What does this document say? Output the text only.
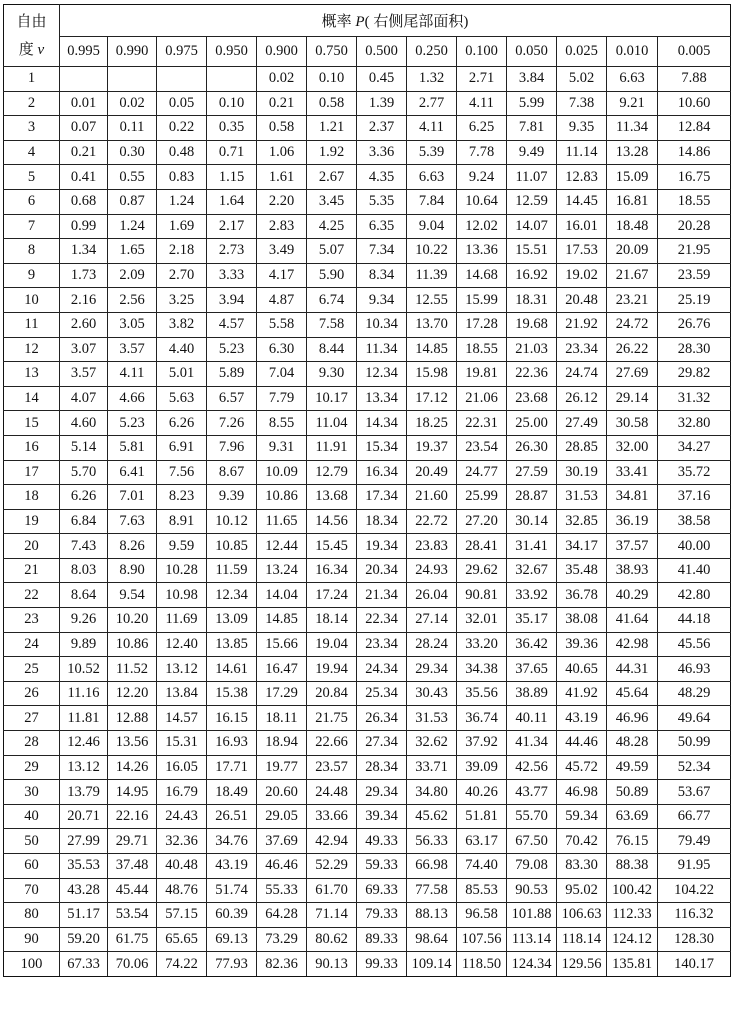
自由
度 v	概率 P( 右侧尾部面积)												
	0.995	0.990	0.975	0.950	0.900	0.750	0.500	0.250	0.100	0.050	0.025	0.010	0.005
1					0.02	0.10	0.45	1.32	2.71	3.84	5.02	6.63	7.88
2	0.01	0.02	0.05	0.10	0.21	0.58	1.39	2.77	4.11	5.99	7.38	9.21	10.60
3	0.07	0.11	0.22	0.35	0.58	1.21	2.37	4.11	6.25	7.81	9.35	11.34	12.84
4	0.21	0.30	0.48	0.71	1.06	1.92	3.36	5.39	7.78	9.49	11.14	13.28	14.86
5	0.41	0.55	0.83	1.15	1.61	2.67	4.35	6.63	9.24	11.07	12.83	15.09	16.75
6	0.68	0.87	1.24	1.64	2.20	3.45	5.35	7.84	10.64	12.59	14.45	16.81	18.55
7	0.99	1.24	1.69	2.17	2.83	4.25	6.35	9.04	12.02	14.07	16.01	18.48	20.28
8	1.34	1.65	2.18	2.73	3.49	5.07	7.34	10.22	13.36	15.51	17.53	20.09	21.95
9	1.73	2.09	2.70	3.33	4.17	5.90	8.34	11.39	14.68	16.92	19.02	21.67	23.59
10	2.16	2.56	3.25	3.94	4.87	6.74	9.34	12.55	15.99	18.31	20.48	23.21	25.19
11	2.60	3.05	3.82	4.57	5.58	7.58	10.34	13.70	17.28	19.68	21.92	24.72	26.76
12	3.07	3.57	4.40	5.23	6.30	8.44	11.34	14.85	18.55	21.03	23.34	26.22	28.30
13	3.57	4.11	5.01	5.89	7.04	9.30	12.34	15.98	19.81	22.36	24.74	27.69	29.82
14	4.07	4.66	5.63	6.57	7.79	10.17	13.34	17.12	21.06	23.68	26.12	29.14	31.32
15	4.60	5.23	6.26	7.26	8.55	11.04	14.34	18.25	22.31	25.00	27.49	30.58	32.80
16	5.14	5.81	6.91	7.96	9.31	11.91	15.34	19.37	23.54	26.30	28.85	32.00	34.27
17	5.70	6.41	7.56	8.67	10.09	12.79	16.34	20.49	24.77	27.59	30.19	33.41	35.72
18	6.26	7.01	8.23	9.39	10.86	13.68	17.34	21.60	25.99	28.87	31.53	34.81	37.16
19	6.84	7.63	8.91	10.12	11.65	14.56	18.34	22.72	27.20	30.14	32.85	36.19	38.58
20	7.43	8.26	9.59	10.85	12.44	15.45	19.34	23.83	28.41	31.41	34.17	37.57	40.00
21	8.03	8.90	10.28	11.59	13.24	16.34	20.34	24.93	29.62	32.67	35.48	38.93	41.40
22	8.64	9.54	10.98	12.34	14.04	17.24	21.34	26.04	90.81	33.92	36.78	40.29	42.80
23	9.26	10.20	11.69	13.09	14.85	18.14	22.34	27.14	32.01	35.17	38.08	41.64	44.18
24	9.89	10.86	12.40	13.85	15.66	19.04	23.34	28.24	33.20	36.42	39.36	42.98	45.56
25	10.52	11.52	13.12	14.61	16.47	19.94	24.34	29.34	34.38	37.65	40.65	44.31	46.93
26	11.16	12.20	13.84	15.38	17.29	20.84	25.34	30.43	35.56	38.89	41.92	45.64	48.29
27	11.81	12.88	14.57	16.15	18.11	21.75	26.34	31.53	36.74	40.11	43.19	46.96	49.64
28	12.46	13.56	15.31	16.93	18.94	22.66	27.34	32.62	37.92	41.34	44.46	48.28	50.99
29	13.12	14.26	16.05	17.71	19.77	23.57	28.34	33.71	39.09	42.56	45.72	49.59	52.34
30	13.79	14.95	16.79	18.49	20.60	24.48	29.34	34.80	40.26	43.77	46.98	50.89	53.67
40	20.71	22.16	24.43	26.51	29.05	33.66	39.34	45.62	51.81	55.70	59.34	63.69	66.77
50	27.99	29.71	32.36	34.76	37.69	42.94	49.33	56.33	63.17	67.50	70.42	76.15	79.49
60	35.53	37.48	40.48	43.19	46.46	52.29	59.33	66.98	74.40	79.08	83.30	88.38	91.95
70	43.28	45.44	48.76	51.74	55.33	61.70	69.33	77.58	85.53	90.53	95.02	100.42	104.22
80	51.17	53.54	57.15	60.39	64.28	71.14	79.33	88.13	96.58	101.88	106.63	112.33	116.32
90	59.20	61.75	65.65	69.13	73.29	80.62	89.33	98.64	107.56	113.14	118.14	124.12	128.30
100	67.33	70.06	74.22	77.93	82.36	90.13	99.33	109.14	118.50	124.34	129.56	135.81	140.17
